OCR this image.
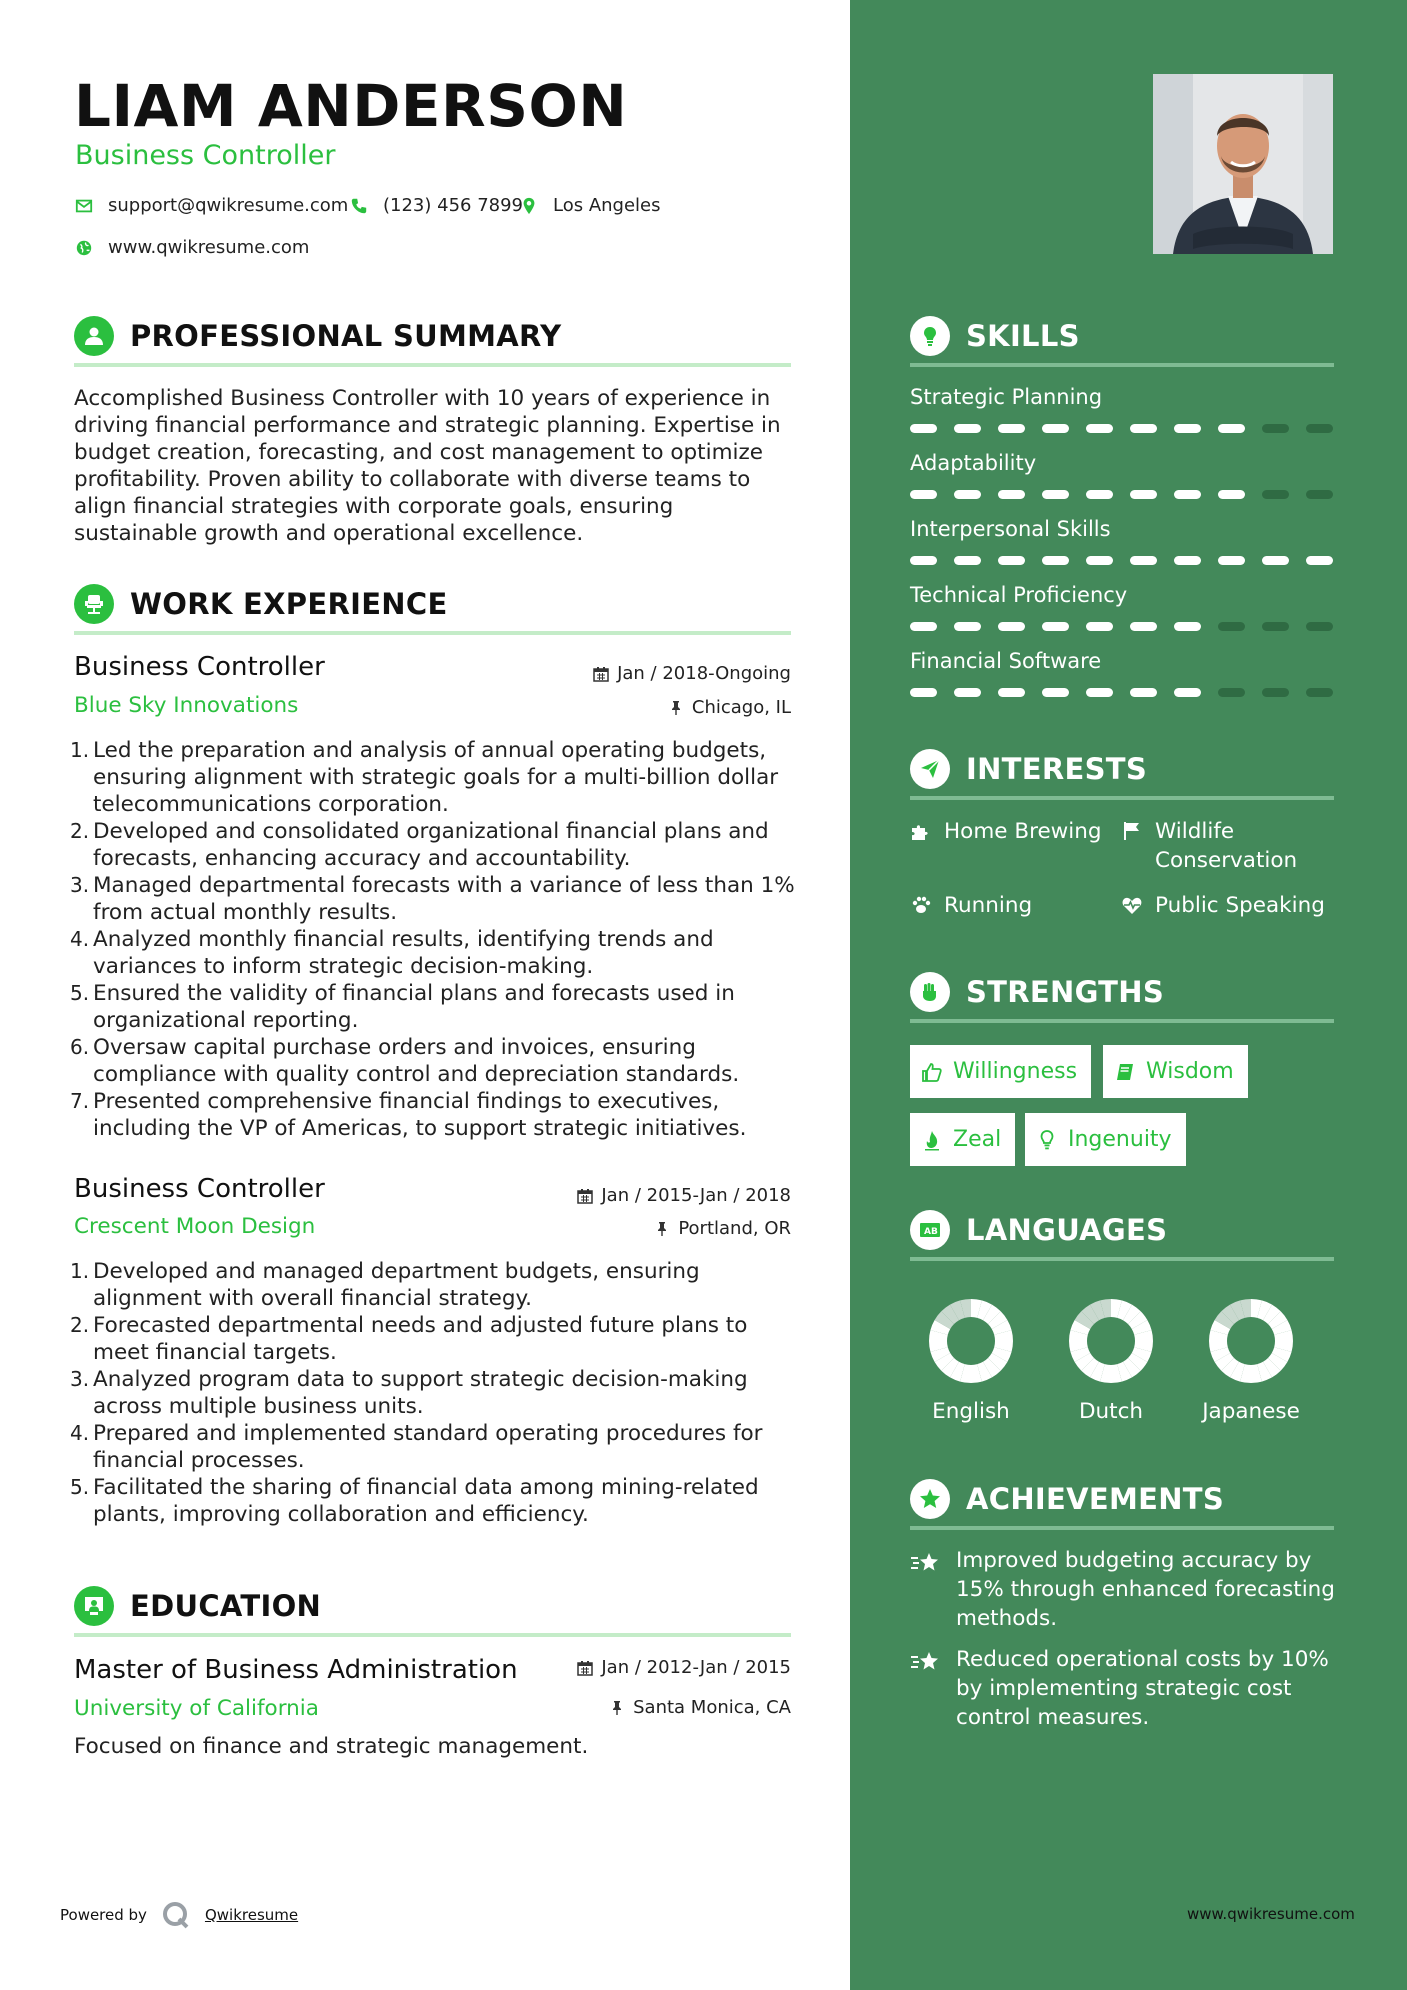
LIAM ANDERSON
Business Controller
support@qwikresume.com (123) 456 7899 Los Angeles
www.qwikresume.com
PROFESSIONAL SUMMARY
Accomplished Business Controller with 10 years of experience in driving financial performance and strategic planning. Expertise in budget creation, forecasting, and cost management to optimize profitability. Proven ability to collaborate with diverse teams to align financial strategies with corporate goals, ensuring sustainable growth and operational excellence.
WORK EXPERIENCE
Business Controller	Jan / 2018-Ongoing
Blue Sky Innovations	Chicago, IL
Led the preparation and analysis of annual operating budgets, ensuring alignment with strategic goals for a multi-billion dollar telecommunications corporation.
Developed and consolidated organizational financial plans and forecasts, enhancing accuracy and accountability.
Managed departmental forecasts with a variance of less than 1% from actual monthly results.
Analyzed monthly financial results, identifying trends and variances to inform strategic decision-making.
Ensured the validity of financial plans and forecasts used in organizational reporting.
Oversaw capital purchase orders and invoices, ensuring compliance with quality control and depreciation standards.
Presented comprehensive financial findings to executives, including the VP of Americas, to support strategic initiatives.
Business Controller	Jan / 2015-Jan / 2018
Crescent Moon Design	Portland, OR
Developed and managed department budgets, ensuring alignment with overall financial strategy.
Forecasted departmental needs and adjusted future plans to meet financial targets.
Analyzed program data to support strategic decision-making across multiple business units.
Prepared and implemented standard operating procedures for financial processes.
Facilitated the sharing of financial data among mining-related plants, improving collaboration and efficiency.
EDUCATION
Master of Business Administration	Jan / 2012-Jan / 2015
University of California	Santa Monica, CA
Focused on finance and strategic management.
Powered by	Qwikresume
SKILLS
Strategic Planning
Adaptability
Interpersonal Skills
Technical Proficiency
Financial Software
INTERESTS
Home Brewing Wildlife Conservation
Running	Public Speaking
STRENGTHS
Willingness	Wisdom
Zeal	Ingenuity
A B LANGUAGES
English	Dutch	Japanese
ACHIEVEMENTS
Improved budgeting accuracy by 15% through enhanced forecasting methods.
Reduced operational costs by 10% by implementing strategic cost control measures.
www.qwikresume.com
